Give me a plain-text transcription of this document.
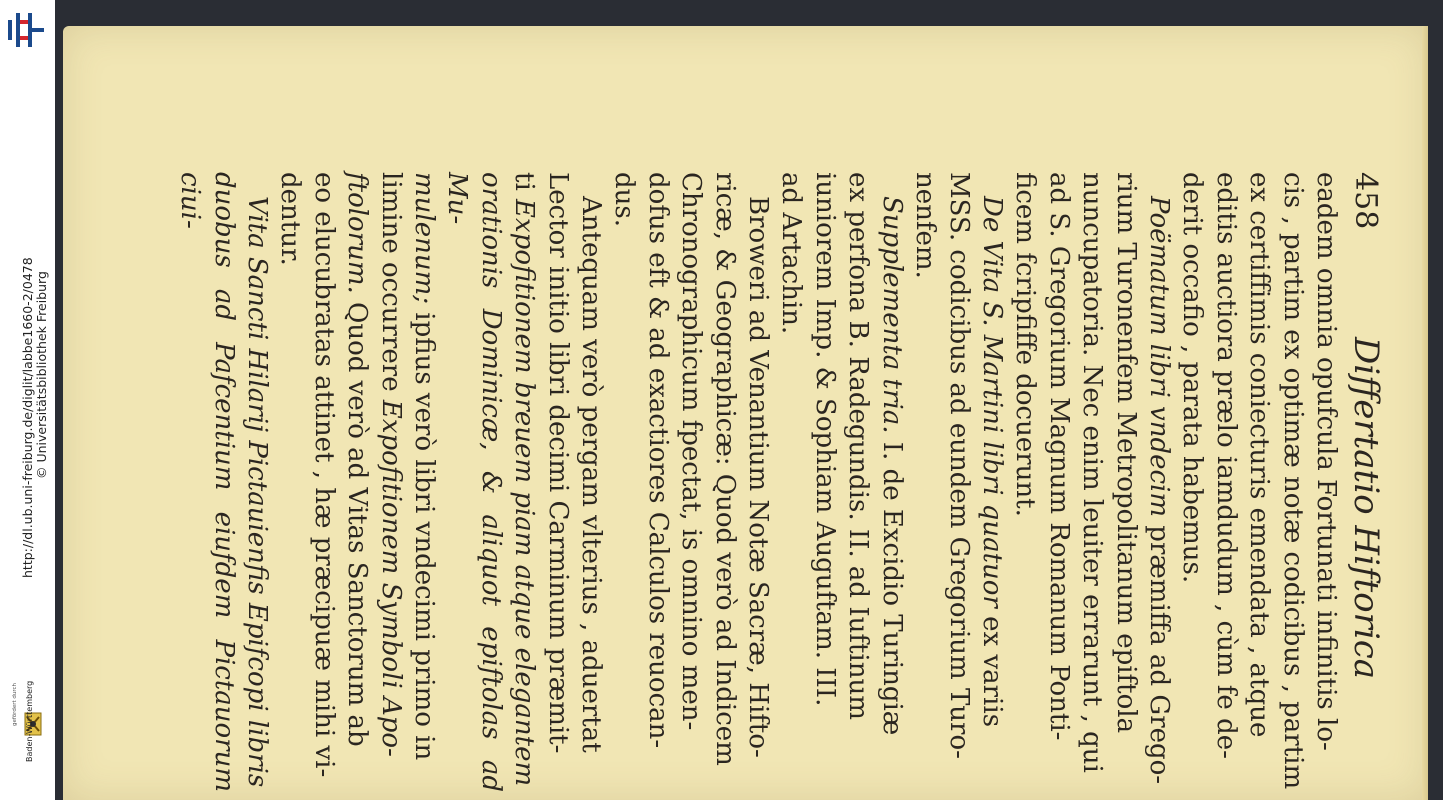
http://dl.ub.uni-freiburg.de/diglit/labbe1660-2/0478 © Universitätsbibliothek Freiburg
gefördert durch Baden-Württemberg
458
Differtatio Hiftorica
eadem omnia opufcula Fortunati infinitis lo-
cis , partim ex optimæ notæ codicibus , partim
ex certiffimis coniecturis emendata , atque
editis auctiora prælo iamdudum , cùm fe de-
derit occafio , parata habemus.
Poëmatum libri vndecim præmiffa ad Grego-
rium Turonenfem Metropolitanum epiftola
nuncupatoria. Nec enim leuiter errarunt , qui
ad S. Gregorium Magnum Romanum Ponti-
ficem fcripfiffe docuerunt.
De Vita S. Martini libri quatuor ex variis
MSS. codicibus ad eundem Gregorium Turo-
nenfem.
Supplementa tria. I. de Excidio Turingiæ
ex perfona B. Radegundis. II. ad Iuftinum
iuniorem Imp. & Sophiam Auguftam. III.
ad Artachin.
Broweri ad Venantium Notæ Sacræ, Hifto-
ricæ, & Geographicæ: Quod verò ad Indicem
Chronographicum fpectat, is omnino men-
dofus eft & ad exactiores Calculos reuocan-
dus.
Antequam verò pergam vlterius , aduertat
Lector initio libri decimi Carminum præmit-
ti Expofitionem breuem piam atque elegantem
orationis Dominicæ, & aliquot epiftolas ad Mu-
mulenum; ipfius verò libri vndecimi primo in
limine occurrere Expofitionem Symboli Apo-
ftolorum. Quod verò ad Vitas Sanctorum ab
eo elucubratas attinet , hæ præcipuæ mihi vi-
dentur.
Vita Sancti Hilarij Pictauienfis Epifcopi libris
duobus ad Pafcentium eiufdem Pictauorum ciui-
